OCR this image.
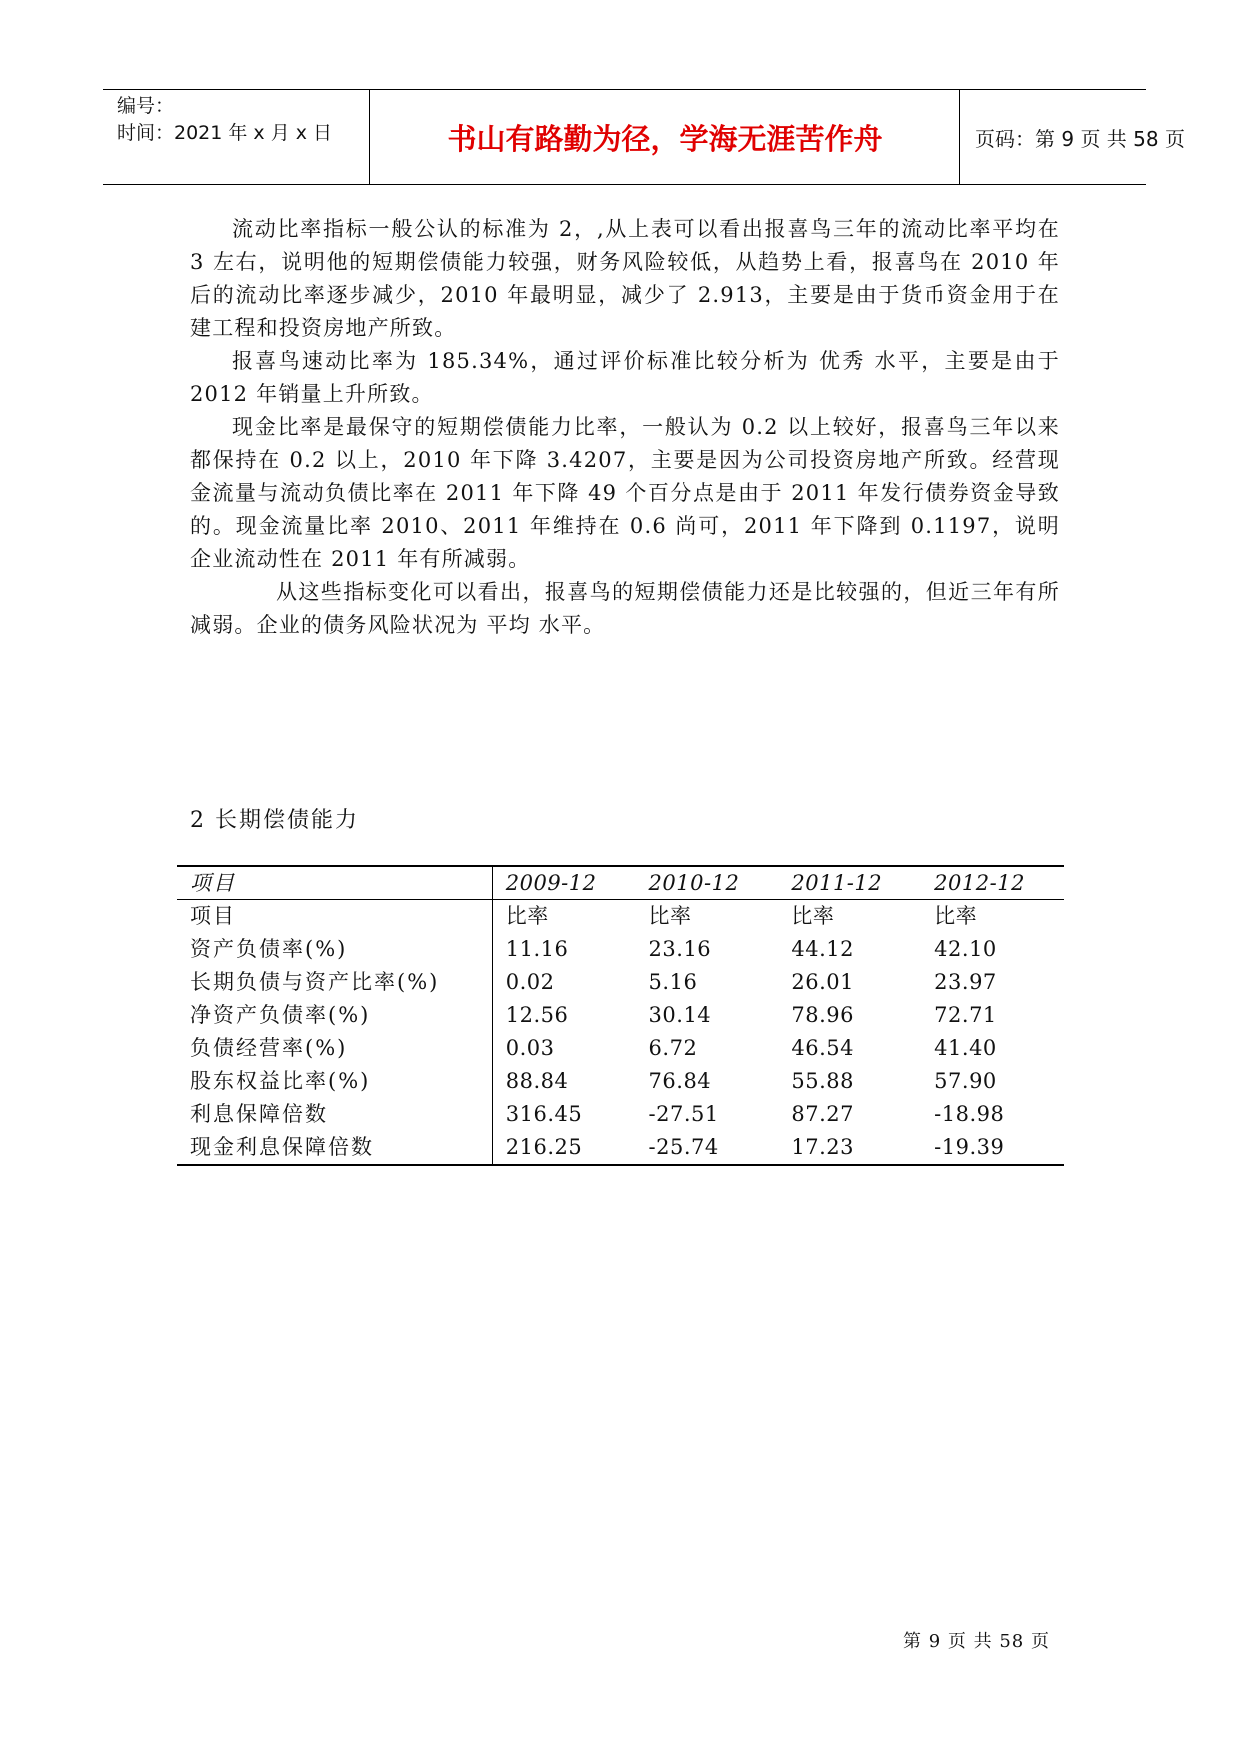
编号：
时间：2021 年 x 月 x 日	书山有路勤为径，学海无涯苦作舟	页码：第 9 页 共 58 页

流动比率指标一般公认的标准为 2，,从上表可以看出报喜鸟三年的流动比率平均在 3 左右，说明他的短期偿债能力较强，财务风险较低，从趋势上看，报喜鸟在 2010 年后的流动比率逐步减少，2010 年最明显，减少了 2.913，主要是由于货币资金用于在建工程和投资房地产所致。

报喜鸟速动比率为 185.34%，通过评价标准比较分析为 优秀 水平，主要是由于 2012 年销量上升所致。

现金比率是最保守的短期偿债能力比率，一般认为 0.2 以上较好，报喜鸟三年以来都保持在 0.2 以上，2010 年下降 3.4207，主要是因为公司投资房地产所致。经营现金流量与流动负债比率在 2011 年下降 49 个百分点是由于 2011 年发行债券资金导致的。现金流量比率 2010、2011 年维持在 0.6 尚可，2011 年下降到 0.1197，说明企业流动性在 2011 年有所减弱。

从这些指标变化可以看出，报喜鸟的短期偿债能力还是比较强的，但近三年有所减弱。企业的债务风险状况为 平均 水平。

2 长期偿债能力
项目	2009-12	2010-12	2011-12	2012-12
项目	比率	比率	比率	比率
资产负债率(%)	11.16	23.16	44.12	42.10
长期负债与资产比率(%)	0.02	5.16	26.01	23.97
净资产负债率(%)	12.56	30.14	78.96	72.71
负债经营率(%)	0.03	6.72	46.54	41.40
股东权益比率(%)	88.84	76.84	55.88	57.90
利息保障倍数	316.45	-27.51	87.27	-18.98
现金利息保障倍数	216.25	-25.74	17.23	-19.39
第 9 页 共 58 页
